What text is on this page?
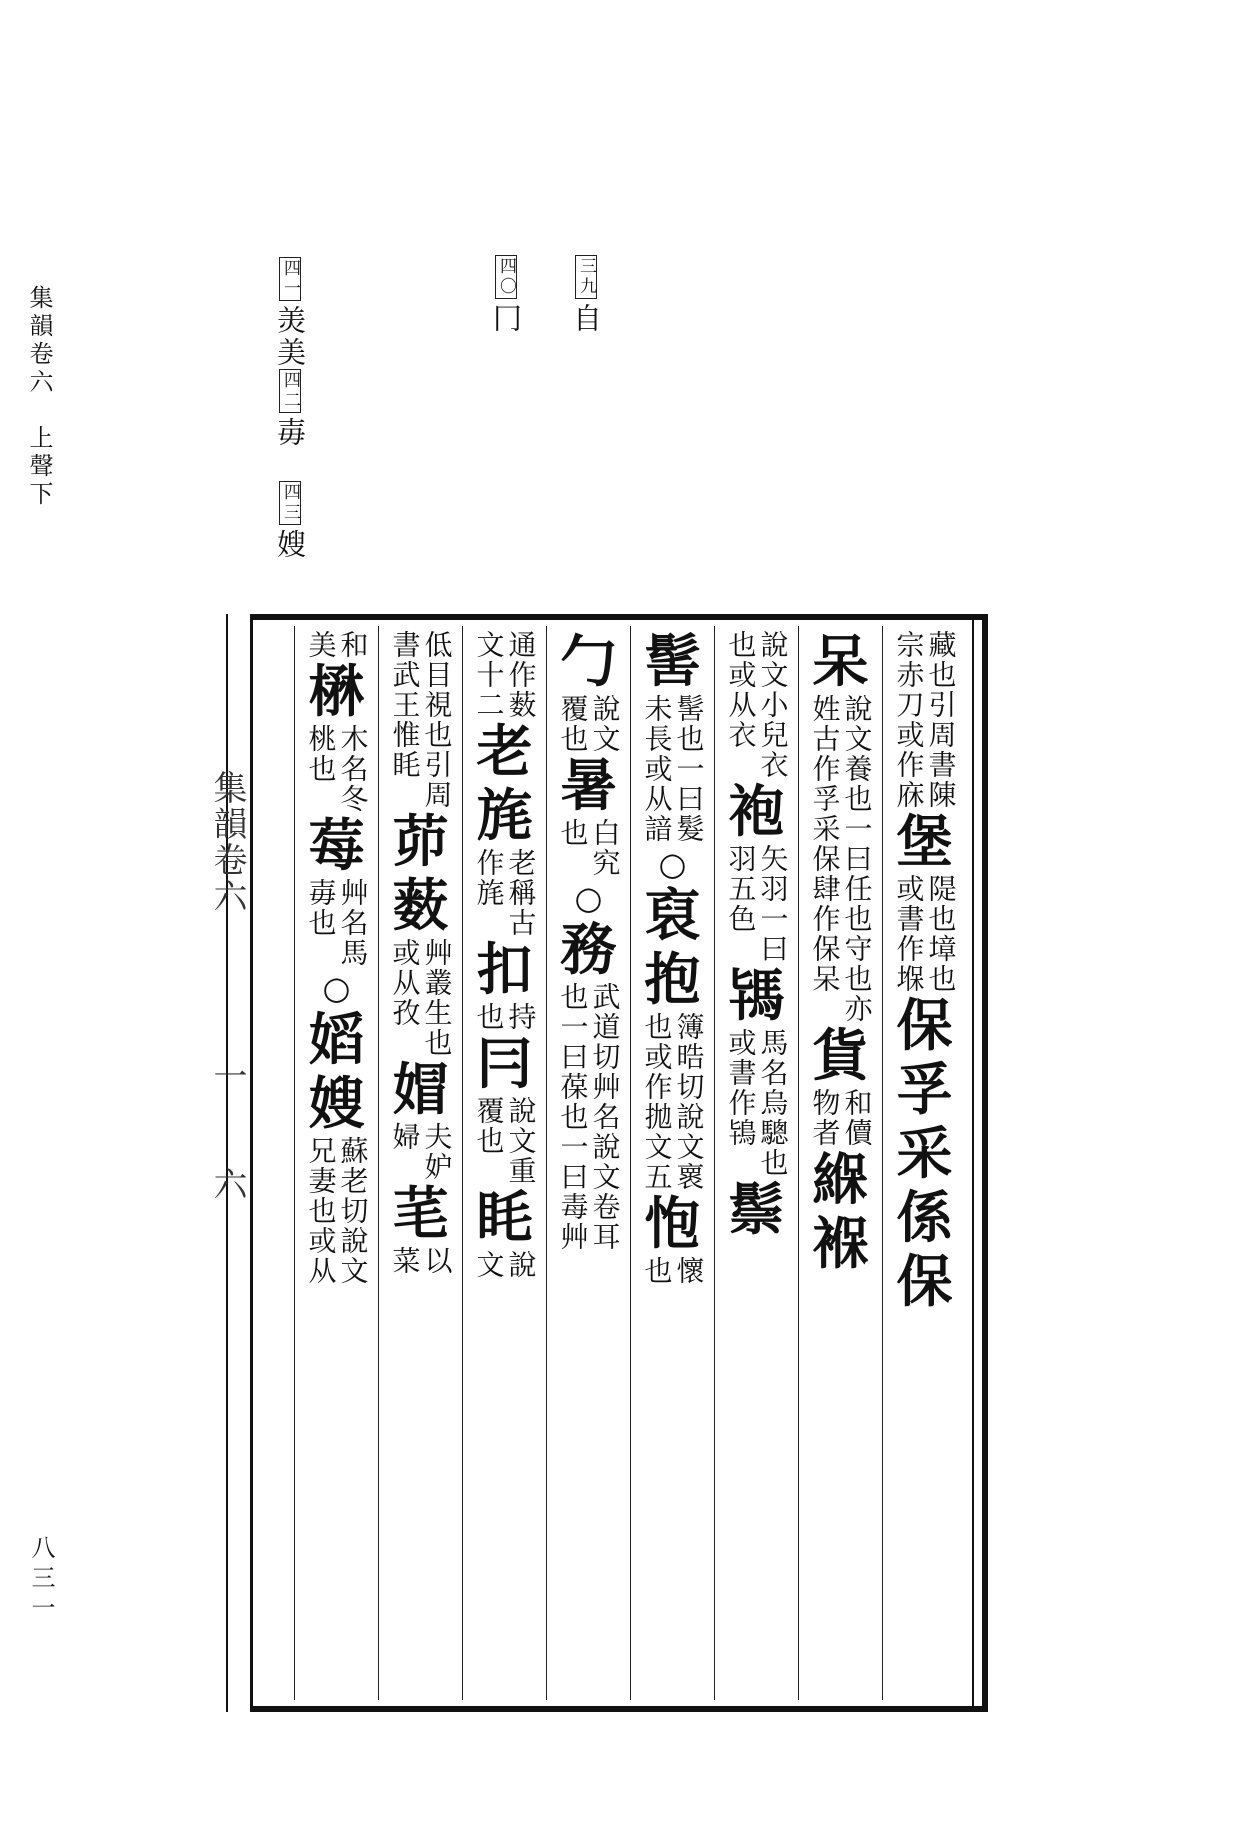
集韻卷六　上聲下
八三一
三九自
四〇冂
四一羙美四二毐　四三嫂
集韻卷六　　　　一　　六
藏也引周書陳
宗赤刀或作庥
堡
隄也墇也
或書作堢
保
孚
采
係
保
呆
說文養也一曰任也守也亦
姓古作孚采保肆作保呆
貨
和儥
物者
緥
褓
說文小兒衣
也或从衣
袍
矢羽一曰
羽五色
駂
馬名烏驄也
或書作鴇
鬃
髺
髺也一曰髮
未長或从諳
○
裒
抱
簿晧切說文褱
也或作拋文五
怉
懷
也
勹
說文
覆也
暑
白究
也
○
務
武道切艸名說文卷耳
也一曰葆也一曰毒艸
通作薮
文十二
老
旄
老稱古
作旄
扣
持
也
冃
說文重
覆也
眊
說
文
低目視也引周
書武王惟眊
茆
薮
艸叢生也
或从孜
媢
夫妒
婦
芼
以
菜
和
美
楙
木名冬
桃也
莓
艸名馬
毐也
○
嫍
嫂
蘇老切說文
兄妻也或从
